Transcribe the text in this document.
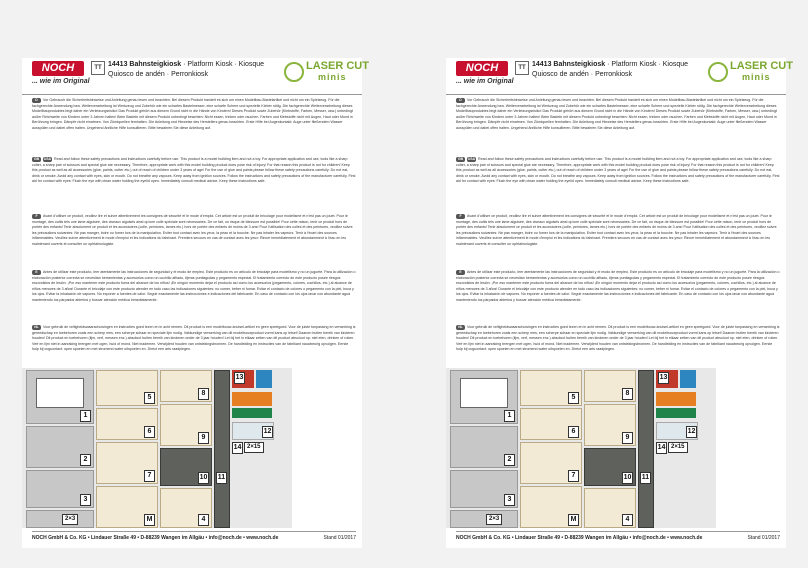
NOCH
... wie im Original
TT 14413 Bahnsteigkiosk · Platform Kiosk · Kiosque
Quiosco de andén · Perronkiosk
LASER CUT
minis
D Vor Gebrauch die Sicherheitshinweise und Anleitung genau lesen und beachten. Bei diesem Produkt handelt es sich um einen Modellbau-Bastelartikel und nicht um ein Spielzeug. Für die fachgerechte Anwendung bzw. Weiterverarbeitung ist Werkzeug und Zubehör wie ein scharfes Bastelmesser, eine scharfe Schere und spezielle Kleber nötig. Die fachgerechte Weiterverarbeitung dieses Modellbauproduktes birgt daher ein Verletzungsrisiko! Das Produkt gehört aus diesem Grund nicht in die Hände von Kindern! Dieses Produkt sowie Zubehör (Klebstoffe, Farben, Messer, usw.) unbedingt außer Reichweite von Kindern unter 3 Jahren halten! Beim Basteln mit diesem Produkt unbedingt beachten: Nicht essen, trinken oder rauchen. Farben und Klebstoffe nicht mit Augen, Haut oder Mund in Berührung bringen. Dämpfe nicht einatmen. Von Zündquellen fernhalten. Die Anleitung und Hinweise des Herstellers genau beachten. Erste Hilfe bei Augenkontakt: Auge unter fließendem Wasser ausspülen und dabei offen halten. Ungehend ärztliche Hilfe konsultieren. Bitte bewahren Sie diese Anleitung auf.
GB USA Read and follow these safety precautions and instructions carefully before use. This product is a model building item and not a toy. For appropriate application and use, tools like a sharp cutter, a sharp pair of scissors and special glue are necessary. Therefore, appropriate work with this model building product does pose risk of injury! For that reason this product is not for children! Keep this product as well as all accessories (glue, paints, cutter etc.) out of reach of children under 3 years of age! For the use of glue and paints please follow these safety precautions carefully: Do not eat, drink or smoke. Avoid any contact with eyes, skin or mouth. Do not breathe any vapours. Keep away from ignition sources. Follow the instructions and safety precautions of the manufacturer carefully. First aid for contact with eyes: Flush the eye with clean water holding the eyelid open. Immediately consult medical advice. Keep these instructions safe.
F Avant d'utiliser ce produit, veuillez lire et suivre attentivement les consignes de sécurité et le mode d'emploi. Cet article est un produit de bricolage pour modélisme et n'est pas un jouet. Pour le montage, des outils tels une lame aiguisée, des ciseaux aiguisés ainsi qu'une colle spéciale sont nécessaires. De ce fait, un risque de blessure est possible! Pour cette raison, tenir ce produit hors de portée des enfants! Tenir absolument ce produit et les accessoires (colle, peintures, lames etc.) hors de portée des enfants de moins de 3 ans! Pour l'utilisation des colles et des peintures, veuillez suivre les précautions suivantes: Ne pas manger, boire ou fumer lors de la manipulation. Eviter tout contact avec les yeux, la peau et la bouche. Ne pas inhaler les vapeurs. Tenir à l'écart des sources inflammables. Veuillez suivre attentivement le mode d'emploi et les indications du fabricant. Premiers secours en cas de contact avec les yeux: Rincer immédiatement et abondamment à l'eau en les maintenant ouverts et consulter un ophtalmologiste.
E Antes de utilizar este producto, leer atentamente las instrucciones de seguridad y el modo de empleo. Este producto es un artículo de bricolaje para modelismo y no un juguete. Para la utilización o elaboración posterior correcta se necesitan herramientas y accesorios como un cuchillo afilado, tijeras puntiagudas y pegamento especial. El tratamiento correcto de este producto posee riesgos escondidos de lesión. ¡Por eso mantener este producto fuera del alcance de los niños! ¡En ningún momento dejar el producto así como los accesorios (pegamento, colores, cuchillos, etc.) al alcance de niños menores de 3 años! Durante el bricolaje con este producto atender en todo caso las indicaciones siguientes: no comer, beber ni fumar. Evitar el contacto de colores o pegamento con la piel, boca y los ojos. Evitar la inhalación de vapores. No exponer a fuentes de calor. Seguir exactamente las instrucciones e indicaciones del fabricante. En caso de contacto con los ojos lavar con abundante agua manteniendo los párpados abiertos y buscar atención médica inmediatamente.
NL Voor gebruik de veiligheidswaarschuwingen en instructies goed lezen en in acht nemen. Dit product is een modelbouw-knutsel-artikel en geen speelgoed. Voor de juiste toepassing en verwerking is gereedschap en toebehoren zoals een scherp mes, een scherpe schaar en speciale lijm nodig. Vakkundige verwerking van dit modelbouwproduct vormt kans op letsel! Daarom buiten bereik van kinderen houden! Dit product en toebehoren (lijm, verf, messen enz.) absoluut buiten bereik van kinderen onder de 3 jaar houden! Let bij het in elkaar zetten van dit product absoluut op: niet eten, drinken of roken. Verf en lijm niet in aanraking brengen met ogen, huid of mond. Niet inademen. Verwijderd houden van ontstekingsbronnen. De handleiding en instructies van de fabrikant nauwkeurig opvolgen. Eerste hulp bij oogcontact: open spoelen en met stromend water uitspoelen en. Direct een arts raadplegen.
1
2
3
2×3
5
6
7
M
8
9
10
4
11
13
12
14 2×15
NOCH GmbH & Co. KG • Lindauer Straße 49 • D-88239 Wangen im Allgäu • info@noch.de • www.noch.de	Stand 01/2017
NOCH
... wie im Original
TT 14413 Bahnsteigkiosk · Platform Kiosk · Kiosque
Quiosco de andén · Perronkiosk
LASER CUT
minis
D Vor Gebrauch die Sicherheitshinweise und Anleitung genau lesen und beachten. Bei diesem Produkt handelt es sich um einen Modellbau-Bastelartikel und nicht um ein Spielzeug. Für die fachgerechte Anwendung bzw. Weiterverarbeitung ist Werkzeug und Zubehör wie ein scharfes Bastelmesser, eine scharfe Schere und spezielle Kleber nötig. Die fachgerechte Weiterverarbeitung dieses Modellbauproduktes birgt daher ein Verletzungsrisiko! Das Produkt gehört aus diesem Grund nicht in die Hände von Kindern! Dieses Produkt sowie Zubehör (Klebstoffe, Farben, Messer, usw.) unbedingt außer Reichweite von Kindern unter 3 Jahren halten! Beim Basteln mit diesem Produkt unbedingt beachten: Nicht essen, trinken oder rauchen. Farben und Klebstoffe nicht mit Augen, Haut oder Mund in Berührung bringen. Dämpfe nicht einatmen. Von Zündquellen fernhalten. Die Anleitung und Hinweise des Herstellers genau beachten. Erste Hilfe bei Augenkontakt: Auge unter fließendem Wasser ausspülen und dabei offen halten. Ungehend ärztliche Hilfe konsultieren. Bitte bewahren Sie diese Anleitung auf.
GB USA Read and follow these safety precautions and instructions carefully before use. This product is a model building item and not a toy. For appropriate application and use, tools like a sharp cutter, a sharp pair of scissors and special glue are necessary. Therefore, appropriate work with this model building product does pose risk of injury! For that reason this product is not for children! Keep this product as well as all accessories (glue, paints, cutter etc.) out of reach of children under 3 years of age! For the use of glue and paints please follow these safety precautions carefully: Do not eat, drink or smoke. Avoid any contact with eyes, skin or mouth. Do not breathe any vapours. Keep away from ignition sources. Follow the instructions and safety precautions of the manufacturer carefully. First aid for contact with eyes: Flush the eye with clean water holding the eyelid open. Immediately consult medical advice. Keep these instructions safe.
F Avant d'utiliser ce produit, veuillez lire et suivre attentivement les consignes de sécurité et le mode d'emploi. Cet article est un produit de bricolage pour modélisme et n'est pas un jouet. Pour le montage, des outils tels une lame aiguisée, des ciseaux aiguisés ainsi qu'une colle spéciale sont nécessaires. De ce fait, un risque de blessure est possible! Pour cette raison, tenir ce produit hors de portée des enfants! Tenir absolument ce produit et les accessoires (colle, peintures, lames etc.) hors de portée des enfants de moins de 3 ans! Pour l'utilisation des colles et des peintures, veuillez suivre les précautions suivantes: Ne pas manger, boire ou fumer lors de la manipulation. Eviter tout contact avec les yeux, la peau et la bouche. Ne pas inhaler les vapeurs. Tenir à l'écart des sources inflammables. Veuillez suivre attentivement le mode d'emploi et les indications du fabricant. Premiers secours en cas de contact avec les yeux: Rincer immédiatement et abondamment à l'eau en les maintenant ouverts et consulter un ophtalmologiste.
E Antes de utilizar este producto, leer atentamente las instrucciones de seguridad y el modo de empleo. Este producto es un artículo de bricolaje para modelismo y no un juguete. Para la utilización o elaboración posterior correcta se necesitan herramientas y accesorios como un cuchillo afilado, tijeras puntiagudas y pegamento especial. El tratamiento correcto de este producto posee riesgos escondidos de lesión. ¡Por eso mantener este producto fuera del alcance de los niños! ¡En ningún momento dejar el producto así como los accesorios (pegamento, colores, cuchillos, etc.) al alcance de niños menores de 3 años! Durante el bricolaje con este producto atender en todo caso las indicaciones siguientes: no comer, beber ni fumar. Evitar el contacto de colores o pegamento con la piel, boca y los ojos. Evitar la inhalación de vapores. No exponer a fuentes de calor. Seguir exactamente las instrucciones e indicaciones del fabricante. En caso de contacto con los ojos lavar con abundante agua manteniendo los párpados abiertos y buscar atención médica inmediatamente.
NL Voor gebruik de veiligheidswaarschuwingen en instructies goed lezen en in acht nemen. Dit product is een modelbouw-knutsel-artikel en geen speelgoed. Voor de juiste toepassing en verwerking is gereedschap en toebehoren zoals een scherp mes, een scherpe schaar en speciale lijm nodig. Vakkundige verwerking van dit modelbouwproduct vormt kans op letsel! Daarom buiten bereik van kinderen houden! Dit product en toebehoren (lijm, verf, messen enz.) absoluut buiten bereik van kinderen onder de 3 jaar houden! Let bij het in elkaar zetten van dit product absoluut op: niet eten, drinken of roken. Verf en lijm niet in aanraking brengen met ogen, huid of mond. Niet inademen. Verwijderd houden van ontstekingsbronnen. De handleiding en instructies van de fabrikant nauwkeurig opvolgen. Eerste hulp bij oogcontact: open spoelen en met stromend water uitspoelen en. Direct een arts raadplegen.
1
2
3
2×3
5
6
7
M
8
9
10
4
11
13
12
14 2×15
NOCH GmbH & Co. KG • Lindauer Straße 49 • D-88239 Wangen im Allgäu • info@noch.de • www.noch.de	Stand 01/2017
